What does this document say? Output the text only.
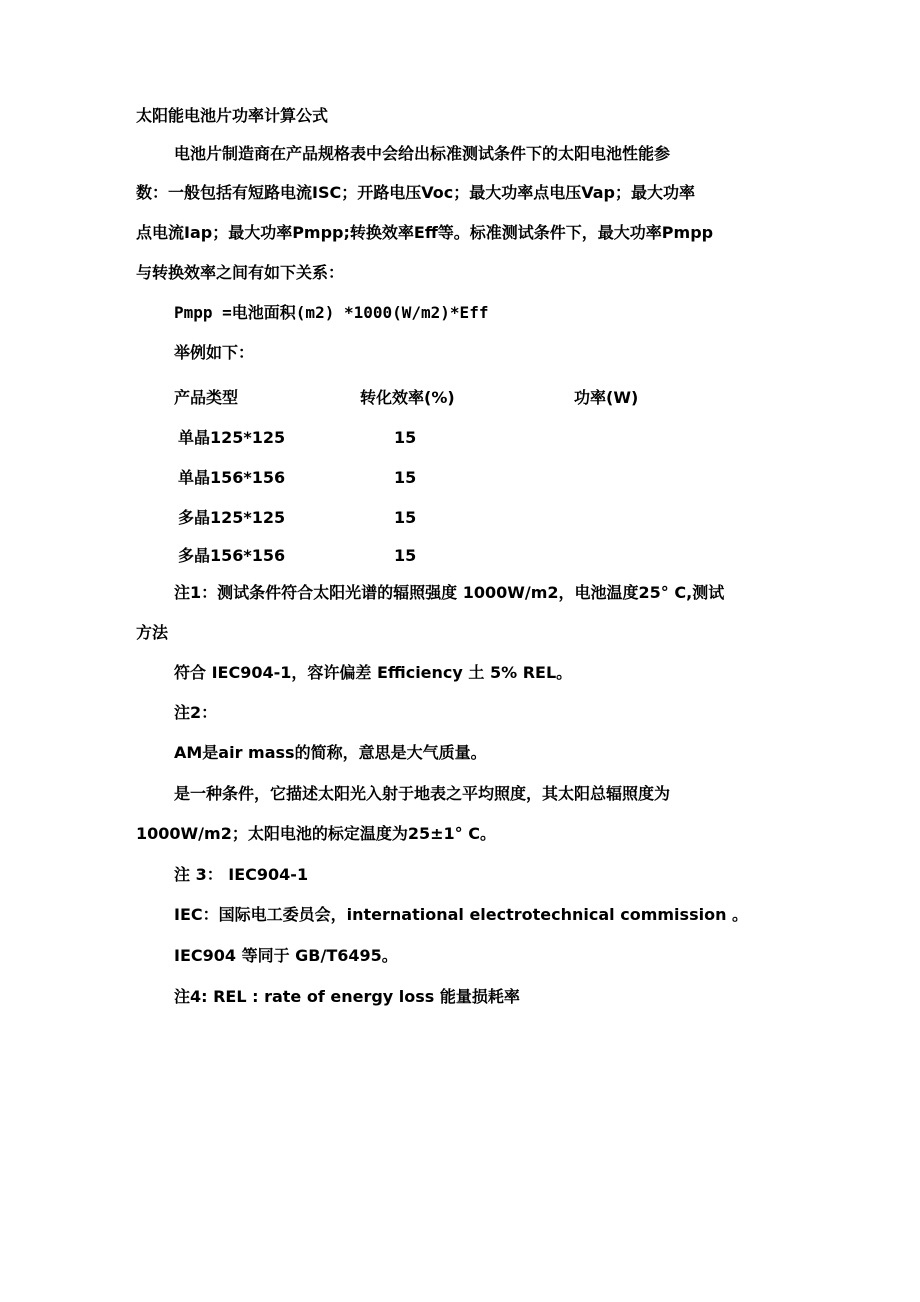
太阳能电池片功率计算公式
电池片制造商在产品规格表中会给出标准测试条件下的太阳电池性能参
数：一般包括有短路电流ISC；开路电压Voc；最大功率点电压Vap；最大功率
点电流Iap；最大功率Pmpp;转换效率Eff等。标准测试条件下，最大功率Pmpp
与转换效率之间有如下关系：
Pmpp =电池面积(m2) *1000(W/m2)*Eff
举例如下：
产品类型	转化效率(%)	功率(W)
单晶125*125	15
单晶156*156	15
多晶125*125	15
多晶156*156	15
注1：测试条件符合太阳光谱的辐照强度 1000W/m2，电池温度25° C,测试
方法
符合 IEC904-1，容许偏差 Efficiency 土 5% REL。
注2：
AM是air mass的简称，意思是大气质量。
是一种条件，它描述太阳光入射于地表之平均照度，其太阳总辐照度为
1000W/m2；太阳电池的标定温度为25±1° C。
注 3： IEC904-1
IEC：国际电工委员会，international electrotechnical commission 。
IEC904 等同于 GB/T6495。
注4: REL : rate of energy loss 能量损耗率
